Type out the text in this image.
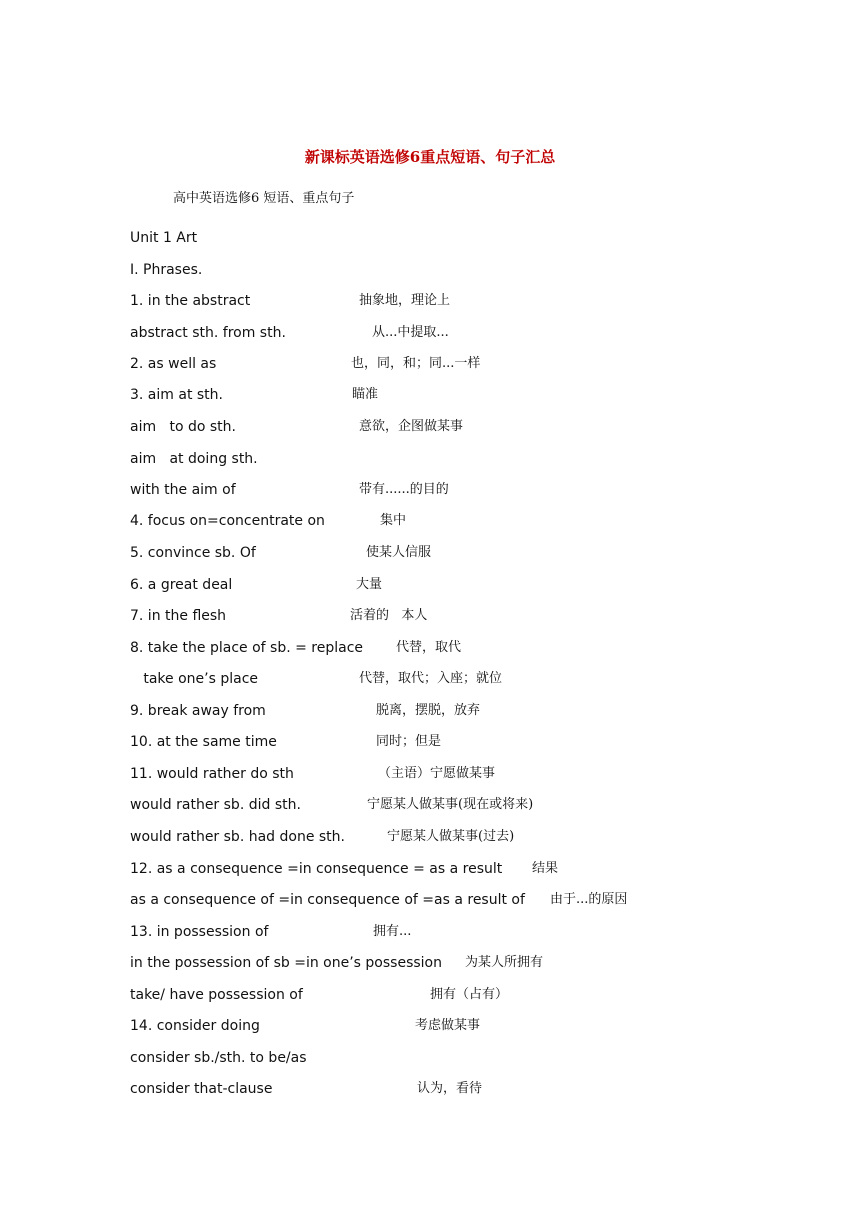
新课标英语选修6重点短语、句子汇总
高中英语选修6 短语、重点句子
Unit 1 Art
Ⅰ. Phrases.
1. in the abstract	抽象地，理论上
abstract sth. from sth.	从...中提取...
2. as well as	也，同，和；同...一样
3. aim at sth.	瞄准
aim   to do sth.	意欲，企图做某事
aim   at doing sth.
with the aim of	带有......的目的
4. focus on=concentrate on	集中
5. convince sb. Of	使某人信服
6. a great deal	大量
7. in the flesh	活着的   本人
8. take the place of sb. = replace	代替，取代
take one’s place	代替，取代；入座；就位
9. break away from	脱离，摆脱，放弃
10. at the same time	同时；但是
11. would rather do sth	（主语）宁愿做某事
would rather sb. did sth.	宁愿某人做某事(现在或将来)
would rather sb. had done sth.	宁愿某人做某事(过去)
12. as a consequence =in consequence = as a result 结果
as a consequence of =in consequence of =as a result of 由于...的原因
13. in possession of	拥有...
in the possession of sb =in one’s possession 为某人所拥有
take/ have possession of	拥有（占有）
14. consider doing	考虑做某事
consider sb./sth. to be/as
consider that-clause	认为，看待
